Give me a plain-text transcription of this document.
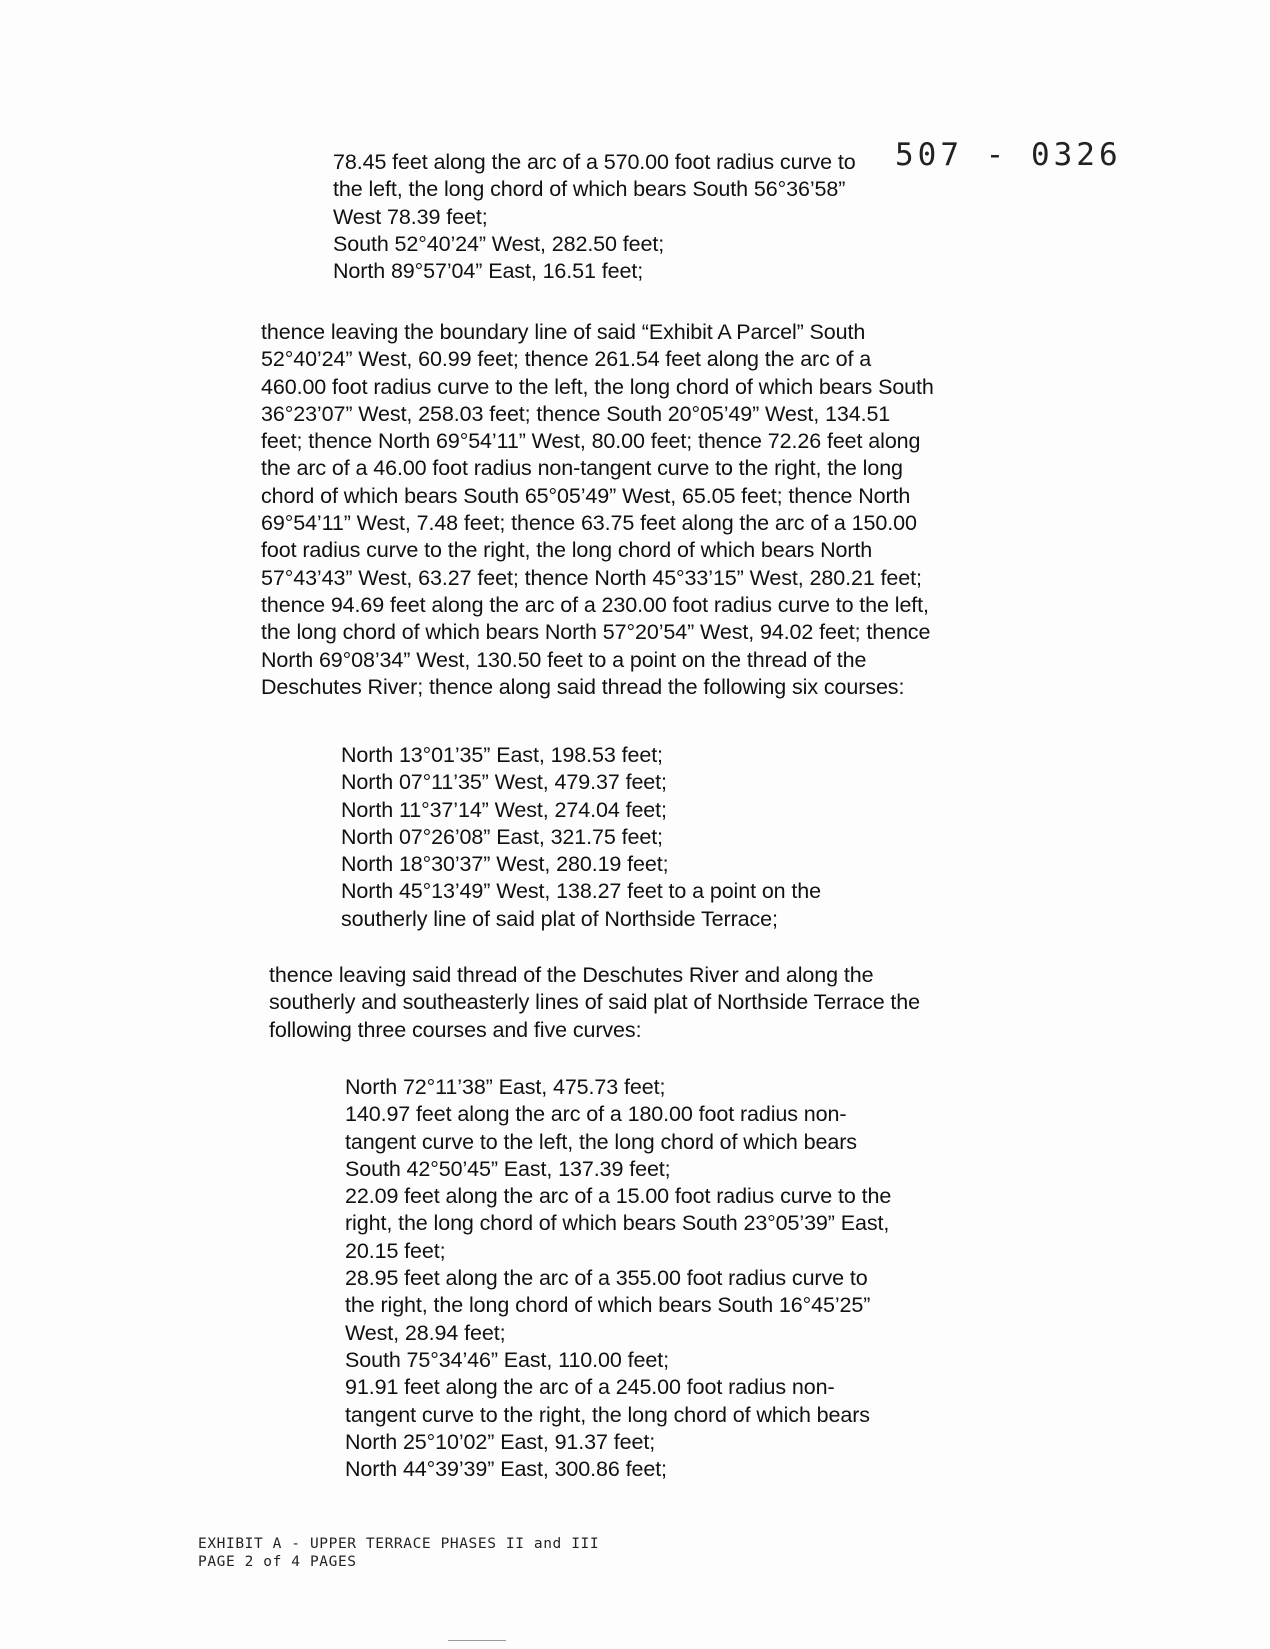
507 - 0326
78.45 feet along the arc of a 570.00 foot radius curve to
the left, the long chord of which bears South 56°36’58”
West 78.39 feet;
South 52°40’24” West, 282.50 feet;
North 89°57’04” East, 16.51 feet;
thence leaving the boundary line of said “Exhibit A Parcel” South
52°40’24” West, 60.99 feet; thence 261.54 feet along the arc of a
460.00 foot radius curve to the left, the long chord of which bears South
36°23’07” West, 258.03 feet; thence South 20°05’49” West, 134.51
feet; thence North 69°54’11” West, 80.00 feet; thence 72.26 feet along
the arc of a 46.00 foot radius non-tangent curve to the right, the long
chord of which bears South 65°05’49” West, 65.05 feet; thence North
69°54’11” West, 7.48 feet; thence 63.75 feet along the arc of a 150.00
foot radius curve to the right, the long chord of which bears North
57°43’43” West, 63.27 feet; thence North 45°33’15” West, 280.21 feet;
thence 94.69 feet along the arc of a 230.00 foot radius curve to the left,
the long chord of which bears North 57°20’54” West, 94.02 feet; thence
North 69°08’34” West, 130.50 feet to a point on the thread of the
Deschutes River; thence along said thread the following six courses:
North 13°01’35” East, 198.53 feet;
North 07°11’35” West, 479.37 feet;
North 11°37’14” West, 274.04 feet;
North 07°26’08” East, 321.75 feet;
North 18°30’37” West, 280.19 feet;
North 45°13’49” West, 138.27 feet to a point on the
southerly line of said plat of Northside Terrace;
thence leaving said thread of the Deschutes River and along the
southerly and southeasterly lines of said plat of Northside Terrace the
following three courses and five curves:
North 72°11’38” East, 475.73 feet;
140.97 feet along the arc of a 180.00 foot radius non-
tangent curve to the left, the long chord of which bears
South 42°50’45” East, 137.39 feet;
22.09 feet along the arc of a 15.00 foot radius curve to the
right, the long chord of which bears South 23°05’39” East,
20.15 feet;
28.95 feet along the arc of a 355.00 foot radius curve to
the right, the long chord of which bears South 16°45’25”
West, 28.94 feet;
South 75°34’46” East, 110.00 feet;
91.91 feet along the arc of a 245.00 foot radius non-
tangent curve to the right, the long chord of which bears
North 25°10’02” East, 91.37 feet;
North 44°39’39” East, 300.86 feet;
EXHIBIT A - UPPER TERRACE PHASES II and III
PAGE 2 of 4 PAGES
